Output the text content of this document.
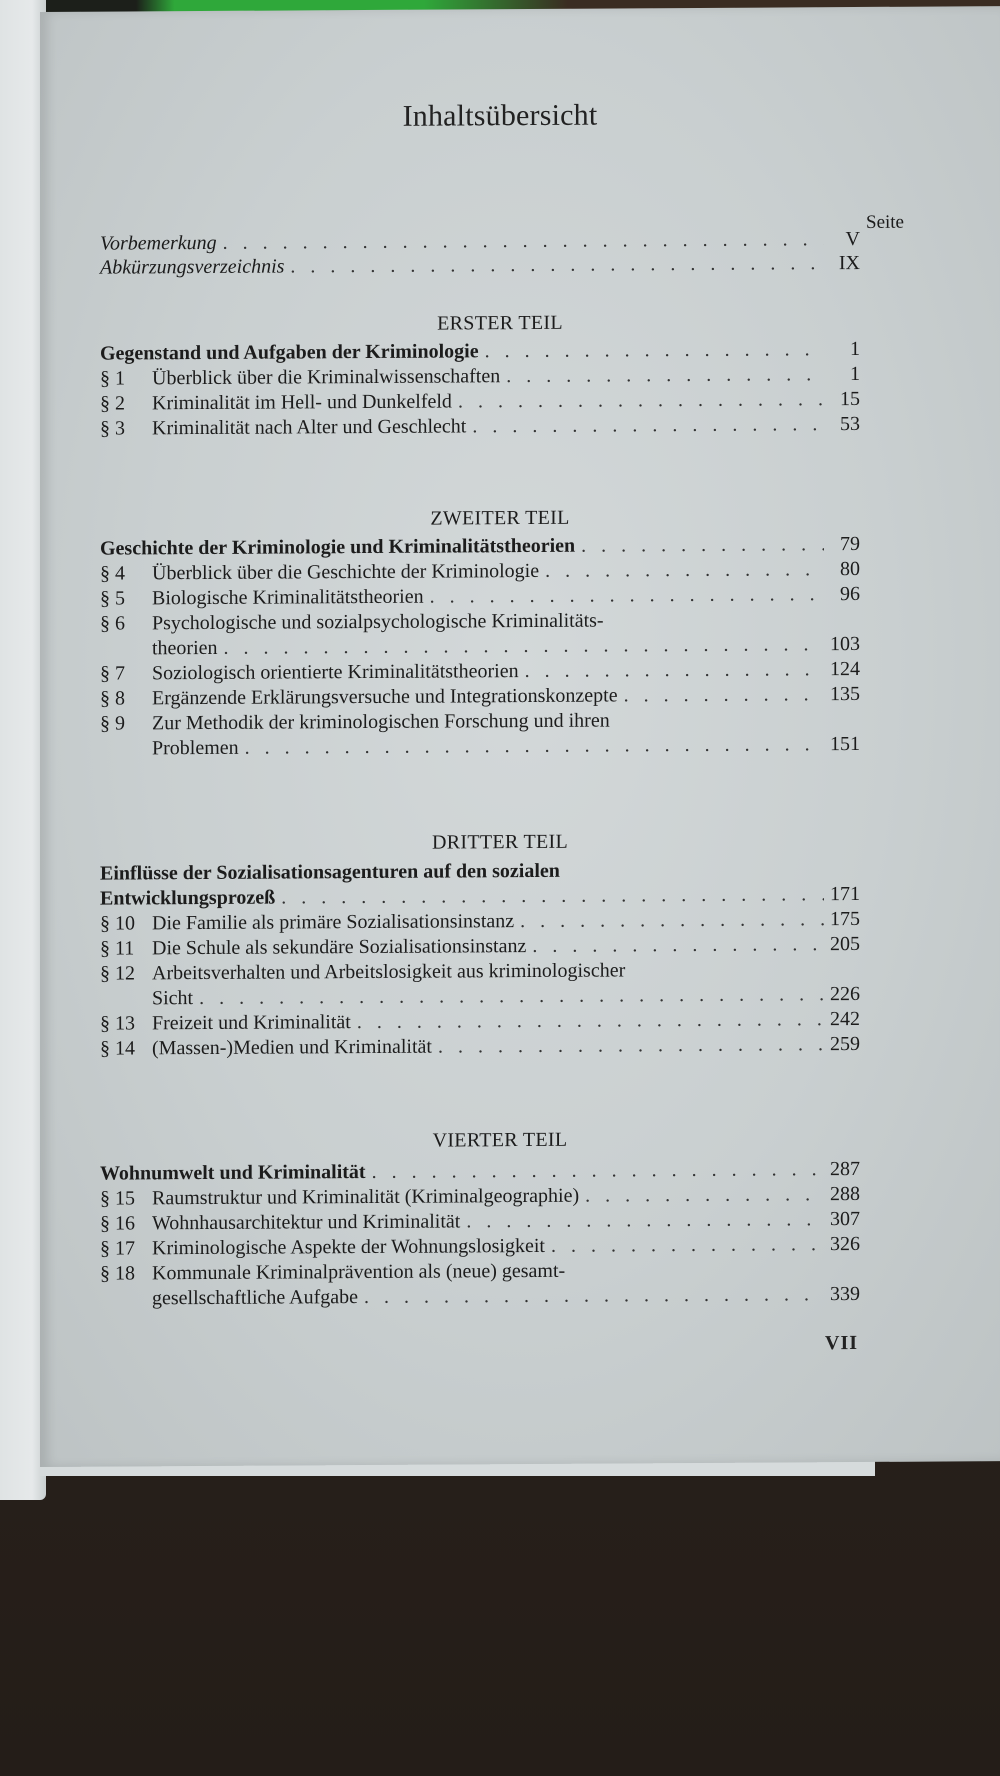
Inhaltsübersicht
Seite
Vorbemerkung . . .	V
Abkürzungsverzeichnis . . .	IX
ERSTER TEIL
Gegenstand und Aufgaben der Kriminologie . . .	1
§ 1	Überblick über die Kriminalwissenschaften . . .	1
§ 2	Kriminalität im Hell- und Dunkelfeld . . .	15
§ 3	Kriminalität nach Alter und Geschlecht . . .	53
ZWEITER TEIL
Geschichte der Kriminologie und Kriminalitätstheorien . . .	79
§ 4	Überblick über die Geschichte der Kriminologie . . .	80
§ 5	Biologische Kriminalitätstheorien . . .	96
§ 6	Psychologische und sozialpsychologische Kriminalitäts-
theorien . . .	103
§ 7	Soziologisch orientierte Kriminalitätstheorien . . .	124
§ 8	Ergänzende Erklärungsversuche und Integrationskonzepte . . .	135
§ 9	Zur Methodik der kriminologischen Forschung und ihren
Problemen . . .	151
DRITTER TEIL
Einflüsse der Sozialisationsagenturen auf den sozialen
Entwicklungsprozeß . . .	171
§ 10 Die Familie als primäre Sozialisationsinstanz . . .	175
§ 11 Die Schule als sekundäre Sozialisationsinstanz . . .	205
§ 12 Arbeitsverhalten und Arbeitslosigkeit aus kriminologischer
Sicht . . .	226
§ 13 Freizeit und Kriminalität . . .	242
§ 14 (Massen-)Medien und Kriminalität . . .	259
VIERTER TEIL
Wohnumwelt und Kriminalität . . .	287
§ 15 Raumstruktur und Kriminalität (Kriminalgeographie) . . .	288
§ 16 Wohnhausarchitektur und Kriminalität . . .	307
§ 17 Kriminologische Aspekte der Wohnungslosigkeit . . .	326
§ 18 Kommunale Kriminalprävention als (neue) gesamt-
gesellschaftliche Aufgabe . . .	339
VII
